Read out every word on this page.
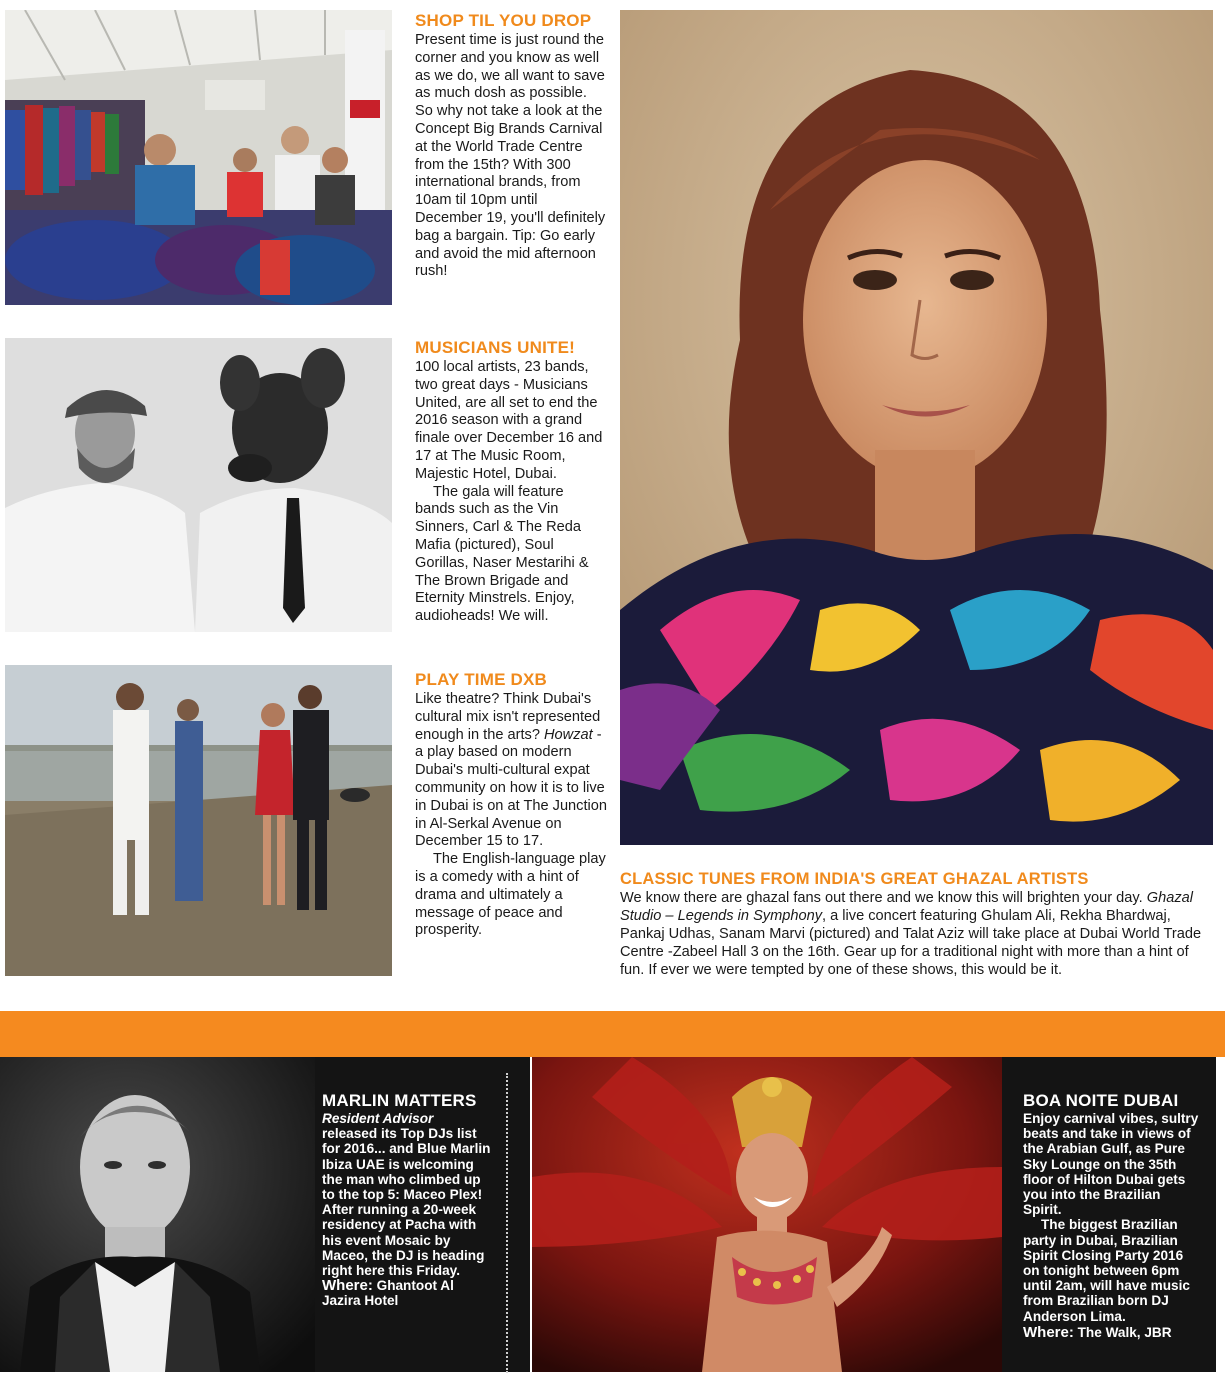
SHOP TIL YOU DROP

Present time is just round the corner and you know as well as we do, we all want to save as much dosh as possible. So why not take a look at the Concept Big Brands Carnival at the World Trade Centre from the 15th? With 300 international brands, from 10am til 10pm until December 19, you'll definitely bag a bargain. Tip: Go early and avoid the mid afternoon rush!

MUSICIANS UNITE!

100 local artists, 23 bands, two great days - Musicians United, are all set to end the 2016 season with a grand finale over December 16 and 17 at The Music Room, Majestic Hotel, Dubai.

The gala will feature bands such as the Vin Sinners, Carl & The Reda Mafia (pictured), Soul Gorillas, Naser Mestarihi & The Brown Brigade and Eternity Minstrels. Enjoy, audioheads! We will.

PLAY TIME DXB

Like theatre? Think Dubai's cultural mix isn't represented enough in the arts? Howzat - a play based on modern Dubai's multi-cultural expat community on how it is to live in Dubai is on at The Junction in Al-Serkal Avenue on December 15 to 17.

The English-language play is a comedy with a hint of drama and ultimately a message of peace and prosperity.

CLASSIC TUNES FROM INDIA'S GREAT GHAZAL ARTISTS

We know there are ghazal fans out there and we know this will brighten your day. Ghazal Studio – Legends in Symphony, a live concert featuring Ghulam Ali, Rekha Bhardwaj, Pankaj Udhas, Sanam Marvi (pictured) and Talat Aziz will take place at Dubai World Trade Centre -Zabeel Hall 3 on the 16th. Gear up for a traditional night with more than a hint of fun. If ever we were tempted by one of these shows, this would be it.

MARLIN MATTERS

Resident Advisor released its Top DJs list for 2016... and Blue Marlin Ibiza UAE is welcoming the man who climbed up to the top 5: Maceo Plex!

After running a 20-week residency at Pacha with his event Mosaic by Maceo, the DJ is heading right here this Friday.

Where: Ghantoot Al Jazira Hotel

BOA NOITE DUBAI

Enjoy carnival vibes, sultry beats and take in views of the Arabian Gulf, as Pure Sky Lounge on the 35th floor of Hilton Dubai gets you into the Brazilian Spirit.

The biggest Brazilian party in Dubai, Brazilian Spirit Closing Party 2016 on tonight between 6pm until 2am, will have music from Brazilian born DJ Anderson Lima.

Where: The Walk, JBR
